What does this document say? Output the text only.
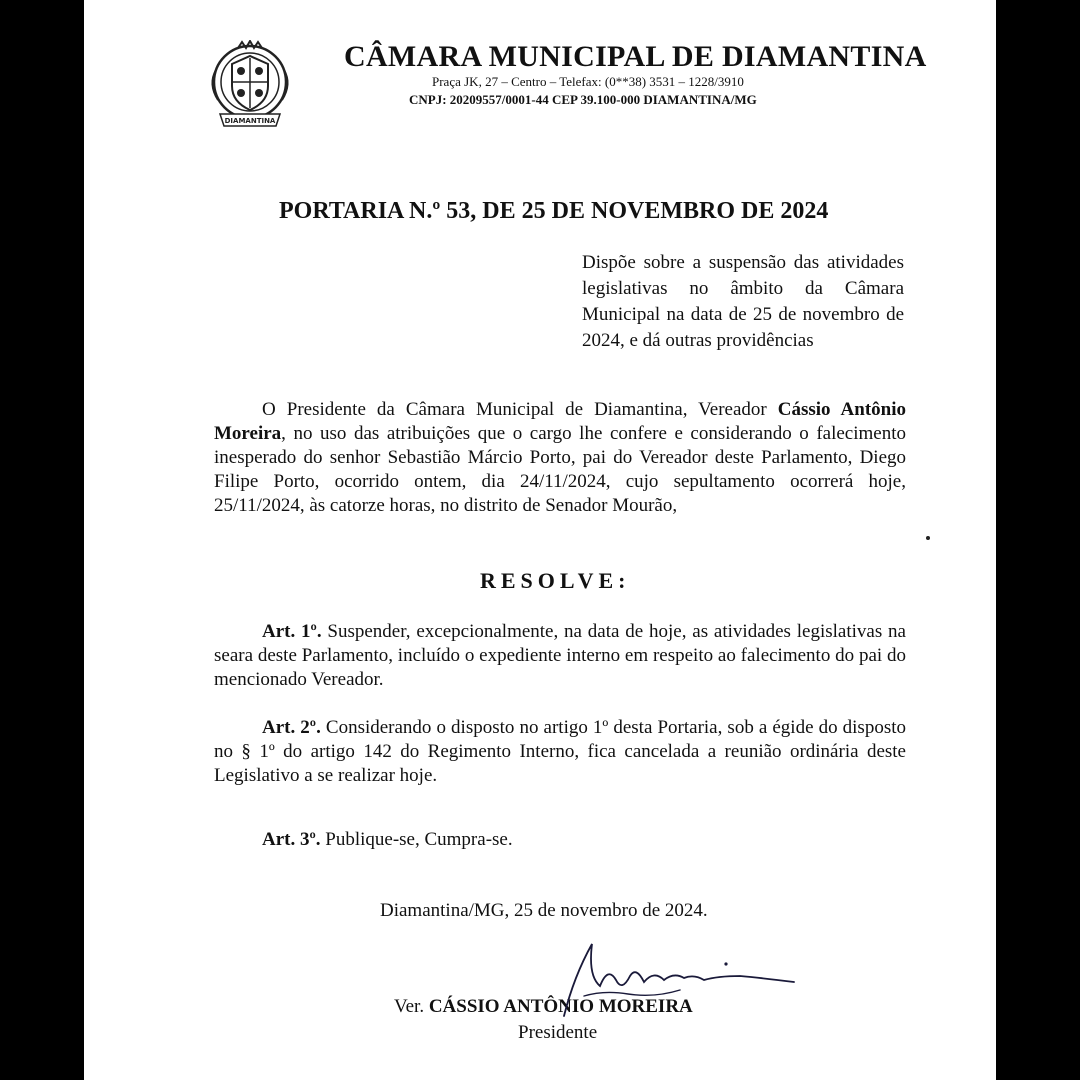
DIAMANTINA
CÂMARA MUNICIPAL DE DIAMANTINA
Praça JK, 27 – Centro – Telefax: (0**38) 3531 – 1228/3910
CNPJ: 20209557/0001-44 CEP 39.100-000 DIAMANTINA/MG
PORTARIA N.º 53, DE 25 DE NOVEMBRO DE 2024
Dispõe sobre a suspensão das atividades legislativas no âmbito da Câmara Municipal na data de 25 de novembro de 2024, e dá outras providências
O Presidente da Câmara Municipal de Diamantina, Vereador Cássio Antônio Moreira, no uso das atribuições que o cargo lhe confere e considerando o falecimento inesperado do senhor Sebastião Márcio Porto, pai do Vereador deste Parlamento, Diego Filipe Porto, ocorrido ontem, dia 24/11/2024, cujo sepultamento ocorrerá hoje, 25/11/2024, às catorze horas, no distrito de Senador Mourão,
RESOLVE:
Art. 1º. Suspender, excepcionalmente, na data de hoje, as atividades legislativas na seara deste Parlamento, incluído o expediente interno em respeito ao falecimento do pai do mencionado Vereador.
Art. 2º. Considerando o disposto no artigo 1º desta Portaria, sob a égide do disposto no § 1º do artigo 142 do Regimento Interno, fica cancelada a reunião ordinária deste Legislativo a se realizar hoje.
Art. 3º. Publique-se, Cumpra-se.
Diamantina/MG, 25 de novembro de 2024.
Ver. CÁSSIO ANTÔNIO MOREIRA
Presidente
